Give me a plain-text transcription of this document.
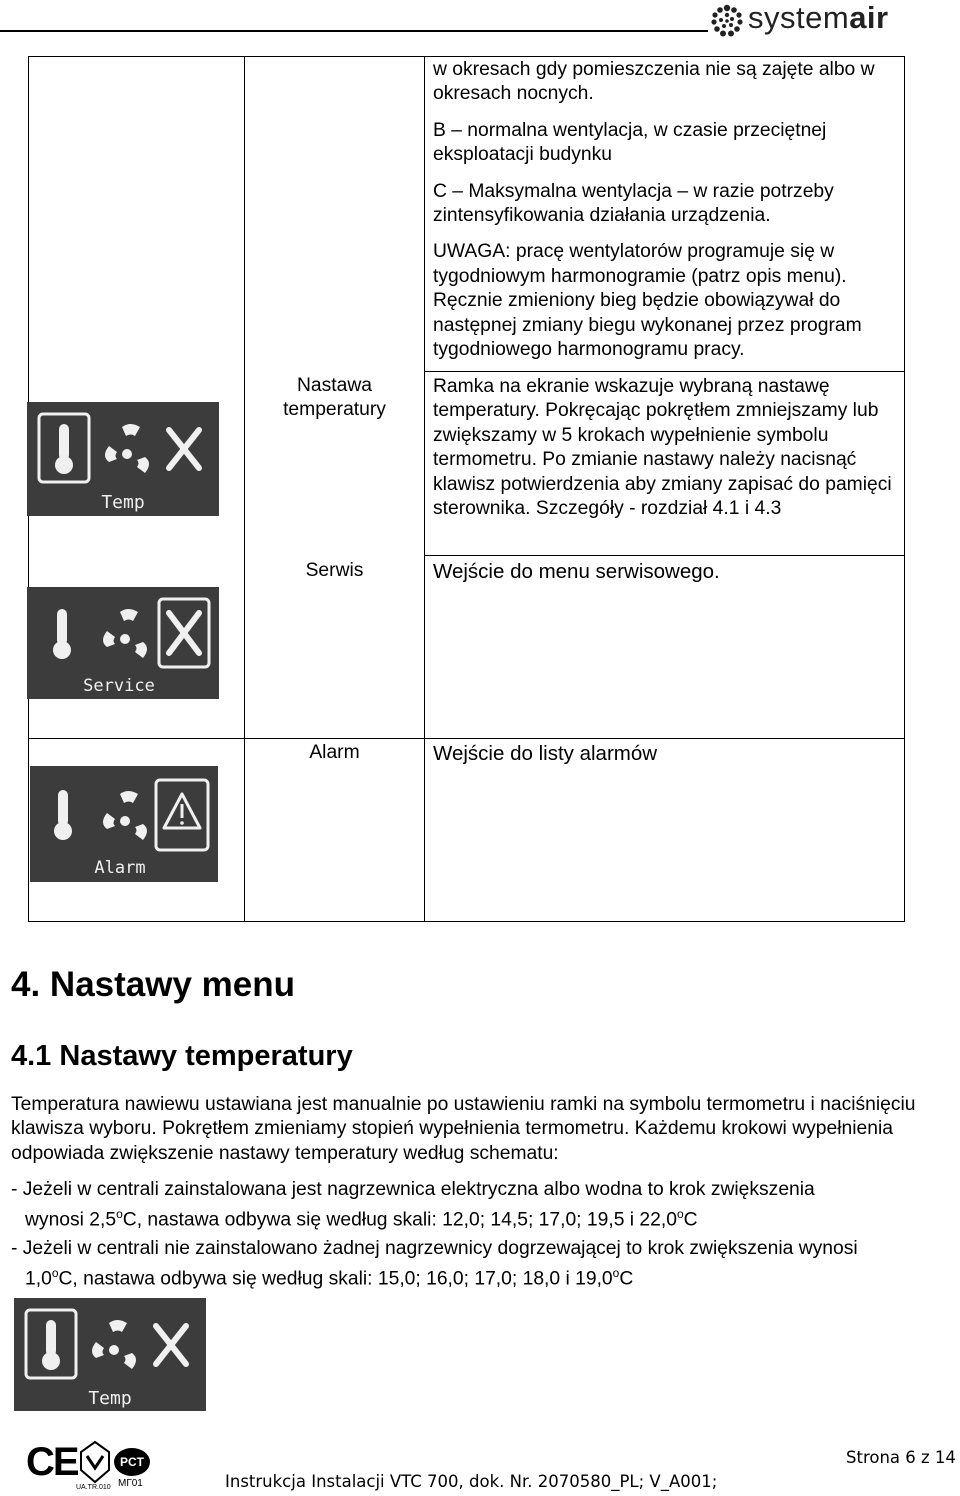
systemair

w okresach gdy pomieszczenia nie są zajęte albo w okresach nocnych.

B – normalna wentylacja, w czasie przeciętnej eksploatacji budynku

C – Maksymalna wentylacja – w razie potrzeby zintensyfikowania działania urządzenia.

UWAGA: pracę wentylatorów programuje się w tygodniowym harmonogramie (patrz opis menu). Ręcznie zmieniony bieg będzie obowiązywał do następnej zmiany biegu wykonanej przez program tygodniowego harmonogramu pracy.

Nastawa
temperatury
Temp
Ramka na ekranie wskazuje wybraną nastawę temperatury. Pokręcając pokrętłem zmniejszamy lub zwiększamy w 5 krokach wypełnienie symbolu termometru. Po zmianie nastawy należy nacisnąć klawisz potwierdzenia aby zmiany zapisać do pamięci sterownika. Szczegóły - rozdział 4.1 i 4.3
Serwis
Service
Wejście do menu serwisowego.
Alarm
Alarm
Wejście do listy alarmów
4. Nastawy menu
4.1 Nastawy temperatury
Temperatura nawiewu ustawiana jest manualnie po ustawieniu ramki na symbolu termometru i naciśnięciu klawisza wyboru. Pokrętłem zmieniamy stopień wypełnienia termometru. Każdemu krokowi wypełnienia odpowiada zwiększenie nastawy temperatury według schematu:
- Jeżeli w centrali zainstalowana jest nagrzewnica elektryczna albo wodna to krok zwiększenia
wynosi 2,5$^o$C, nastawa odbywa się według skali: 12,0; 14,5; 17,0; 19,5 i 22,0$^o$C
- Jeżeli w centrali nie zainstalowano żadnej nagrzewnicy dogrzewającej to krok zwiększenia wynosi
1,0$^o$C, nastawa odbywa się według skali: 15,0; 16,0; 17,0; 18,0 i 19,0$^o$C
Temp
CE
UA.TR.010
PCT
МГ01
Strona 6 z 14
Instrukcja Instalacji VTC 700, dok. Nr. 2070580_PL; V_A001;
